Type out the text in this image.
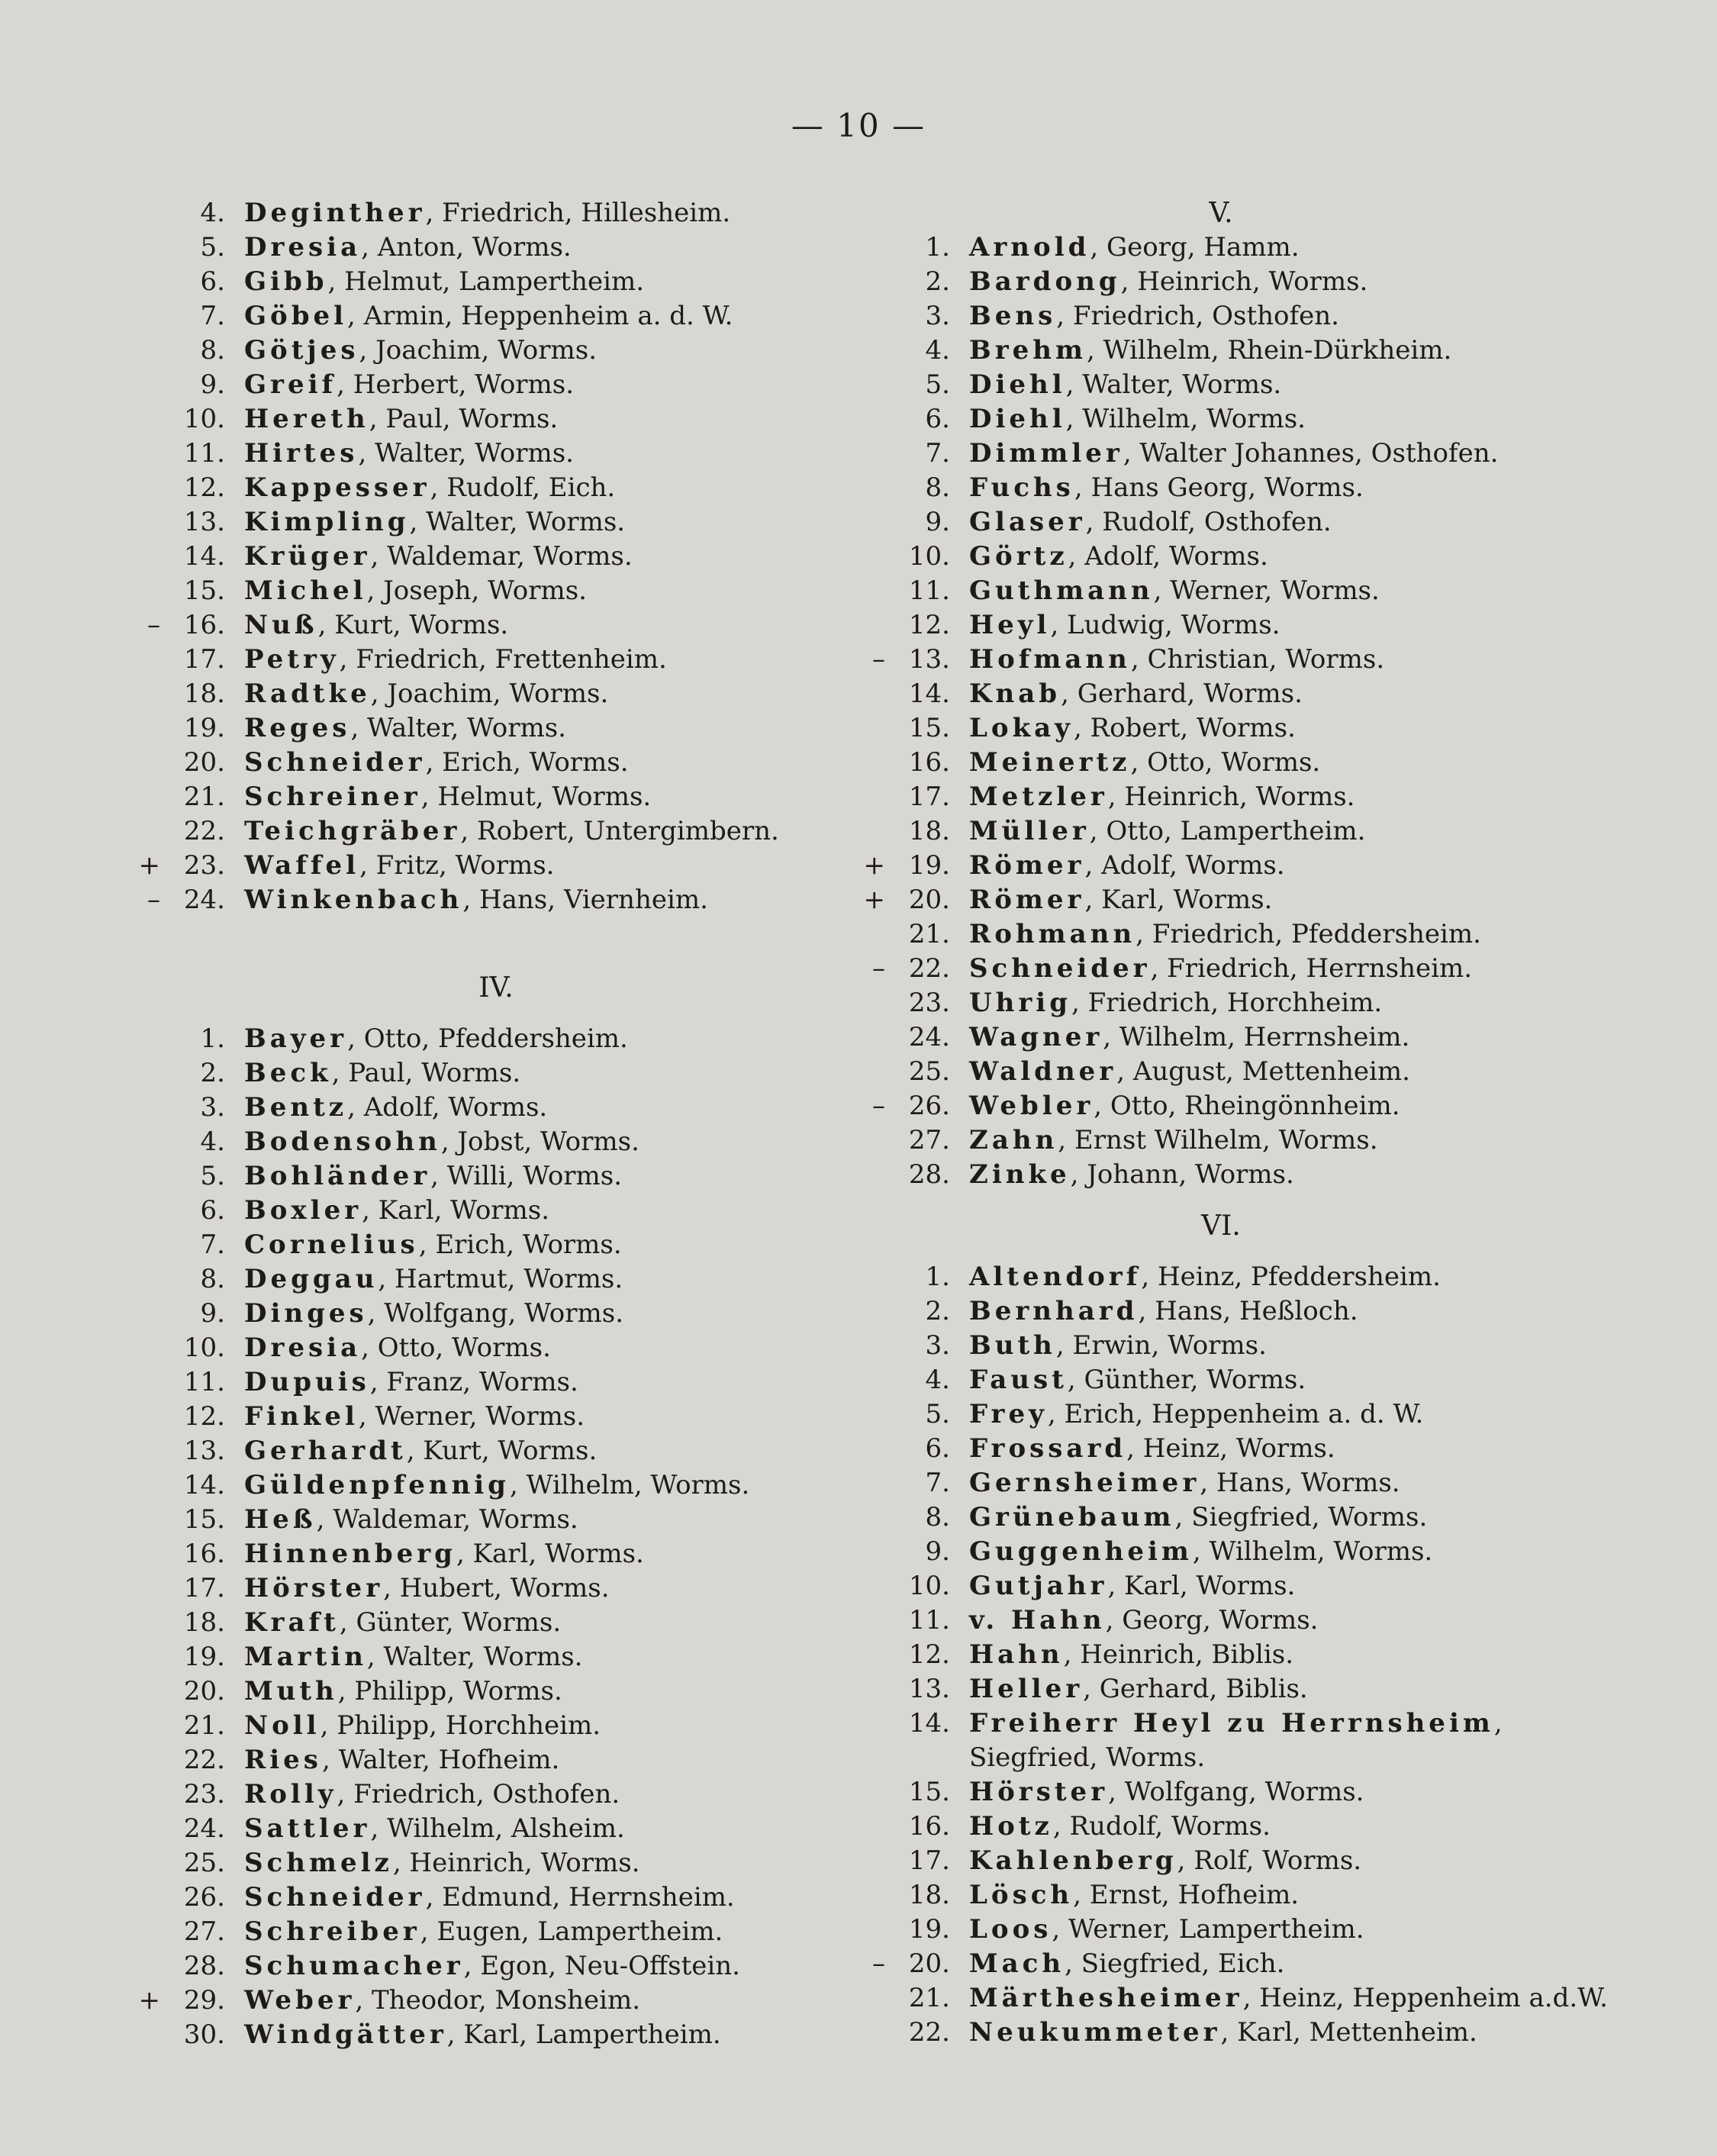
— 10 —
4. Deginther, Friedrich, Hillesheim.
5. Dresia, Anton, Worms.
6. Gibb, Helmut, Lampertheim.
7. Göbel, Armin, Heppenheim a. d. W.
8. Götjes, Joachim, Worms.
9. Greif, Herbert, Worms.
10. Hereth, Paul, Worms.
11. Hirtes, Walter, Worms.
12. Kappesser, Rudolf, Eich.
13. Kimpling, Walter, Worms.
14. Krüger, Waldemar, Worms.
15. Michel, Joseph, Worms.
– 16. Nuß, Kurt, Worms.
17. Petry, Friedrich, Frettenheim.
18. Radtke, Joachim, Worms.
19. Reges, Walter, Worms.
20. Schneider, Erich, Worms.
21. Schreiner, Helmut, Worms.
22. Teichgräber, Robert, Untergimbern.
+ 23. Waffel, Fritz, Worms.
– 24. Winkenbach, Hans, Viernheim.
IV.
1. Bayer, Otto, Pfeddersheim.
2. Beck, Paul, Worms.
3. Bentz, Adolf, Worms.
4. Bodensohn, Jobst, Worms.
5. Bohländer, Willi, Worms.
6. Boxler, Karl, Worms.
7. Cornelius, Erich, Worms.
8. Deggau, Hartmut, Worms.
9. Dinges, Wolfgang, Worms.
10. Dresia, Otto, Worms.
11. Dupuis, Franz, Worms.
12. Finkel, Werner, Worms.
13. Gerhardt, Kurt, Worms.
14. Güldenpfennig, Wilhelm, Worms.
15. Heß, Waldemar, Worms.
16. Hinnenberg, Karl, Worms.
17. Hörster, Hubert, Worms.
18. Kraft, Günter, Worms.
19. Martin, Walter, Worms.
20. Muth, Philipp, Worms.
21. Noll, Philipp, Horchheim.
22. Ries, Walter, Hofheim.
23. Rolly, Friedrich, Osthofen.
24. Sattler, Wilhelm, Alsheim.
25. Schmelz, Heinrich, Worms.
26. Schneider, Edmund, Herrnsheim.
27. Schreiber, Eugen, Lampertheim.
28. Schumacher, Egon, Neu-Offstein.
+ 29. Weber, Theodor, Monsheim.
30. Windgätter, Karl, Lampertheim.
V.
1. Arnold, Georg, Hamm.
2. Bardong, Heinrich, Worms.
3. Bens, Friedrich, Osthofen.
4. Brehm, Wilhelm, Rhein-Dürkheim.
5. Diehl, Walter, Worms.
6. Diehl, Wilhelm, Worms.
7. Dimmler, Walter Johannes, Osthofen.
8. Fuchs, Hans Georg, Worms.
9. Glaser, Rudolf, Osthofen.
10. Görtz, Adolf, Worms.
11. Guthmann, Werner, Worms.
12. Heyl, Ludwig, Worms.
– 13. Hofmann, Christian, Worms.
14. Knab, Gerhard, Worms.
15. Lokay, Robert, Worms.
16. Meinertz, Otto, Worms.
17. Metzler, Heinrich, Worms.
18. Müller, Otto, Lampertheim.
+ 19. Römer, Adolf, Worms.
+ 20. Römer, Karl, Worms.
21. Rohmann, Friedrich, Pfeddersheim.
– 22. Schneider, Friedrich, Herrnsheim.
23. Uhrig, Friedrich, Horchheim.
24. Wagner, Wilhelm, Herrnsheim.
25. Waldner, August, Mettenheim.
– 26. Webler, Otto, Rheingönnheim.
27. Zahn, Ernst Wilhelm, Worms.
28. Zinke, Johann, Worms.
VI.
1. Altendorf, Heinz, Pfeddersheim.
2. Bernhard, Hans, Heßloch.
3. Buth, Erwin, Worms.
4. Faust, Günther, Worms.
5. Frey, Erich, Heppenheim a. d. W.
6. Frossard, Heinz, Worms.
7. Gernsheimer, Hans, Worms.
8. Grünebaum, Siegfried, Worms.
9. Guggenheim, Wilhelm, Worms.
10. Gutjahr, Karl, Worms.
11. v. Hahn, Georg, Worms.
12. Hahn, Heinrich, Biblis.
13. Heller, Gerhard, Biblis.
14. Freiherr Heyl zu Herrnsheim,
Siegfried, Worms.
15. Hörster, Wolfgang, Worms.
16. Hotz, Rudolf, Worms.
17. Kahlenberg, Rolf, Worms.
18. Lösch, Ernst, Hofheim.
19. Loos, Werner, Lampertheim.
– 20. Mach, Siegfried, Eich.
21. Märthesheimer, Heinz, Heppenheim a.d.W.
22. Neukummeter, Karl, Mettenheim.
